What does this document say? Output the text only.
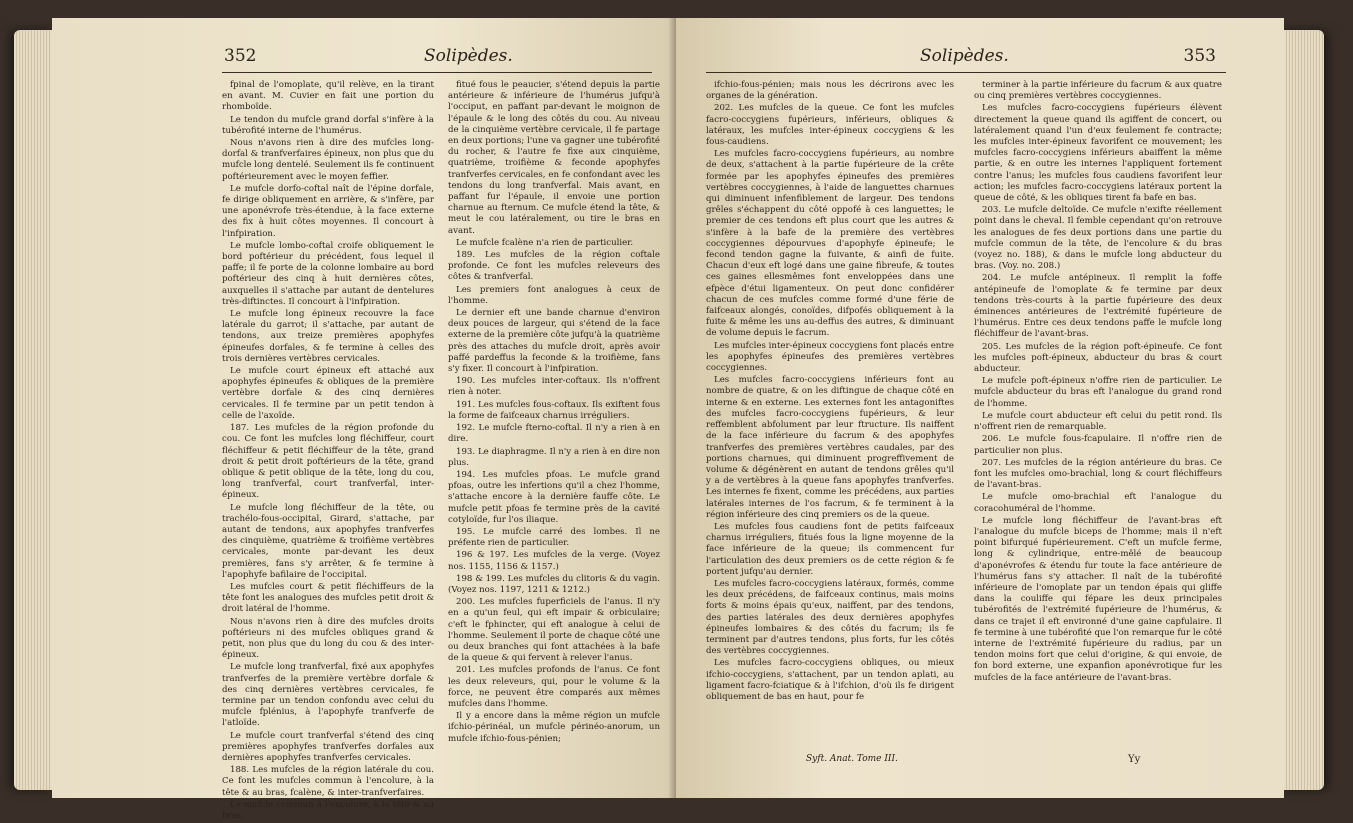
352	Solipèdes.

fpinal de l'omoplate, qu'il relève, en la tirant en avant. M. Cuvier en fait une portion du rhomboïde.

Le tendon du mufcle grand dorfal s'infère à la tubérofité interne de l'humérus.

Nous n'avons rien à dire des mufcles long-dorfal & tranfverfaires épineux, non plus que du mufcle long dentelé. Seulement ils fe continuent poftérieurement avec le moyen feffier.

Le mufcle dorfo-coftal naît de l'épine dorfale, fe dirige obliquement en arrière, & s'infère, par une aponévrofe très-étendue, à la face externe des fix à huit côtes moyennes. Il concourt à l'infpiration.

Le mufcle lombo-coftal croife obliquement le bord poftérieur du précédent, fous lequel il paffe; il fe porte de la colonne lombaire au bord poftérieur des cinq à huit dernières côtes, auxquelles il s'attache par autant de dentelures très-diftinctes. Il concourt à l'infpiration.

Le mufcle long épineux recouvre la face latérale du garrot; il s'attache, par autant de tendons, aux treize premières apophyfes épineufes dorfales, & fe termine à celles des trois dernières vertèbres cervicales.

Le mufcle court épineux eft attaché aux apophyfes épineufes & obliques de la première vertèbre dorfale & des cinq dernières cervicales. Il fe termine par un petit tendon à celle de l'axoïde.

187. Les mufcles de la région profonde du cou. Ce font les mufcles long fléchiffeur, court fléchiffeur & petit fléchiffeur de la tête, grand droit & petit droit poftérieurs de la tête, grand oblique & petit oblique de la tête, long du cou, long tranfverfal, court tranfverfal, inter-épineux.

Le mufcle long fléchiffeur de la tête, ou trachélo-fous-occipital, Girard, s'attache, par autant de tendons, aux apophyfes tranfverfes des cinquième, quatrième & troifième vertèbres cervicales, monte par-devant les deux premières, fans s'y arrêter, & fe termine à l'apophyfe bafilaire de l'occipital.

Les mufcles court & petit fléchiffeurs de la tête font les analogues des mufcles petit droit & droit latéral de l'homme.

Nous n'avons rien à dire des mufcles droits poftérieurs ni des mufcles obliques grand & petit, non plus que du long du cou & des inter-épineux.

Le mufcle long tranfverfal, fixé aux apophyfes tranfverfes de la première vertèbre dorfale & des cinq dernières vertèbres cervicales, fe termine par un tendon confondu avec celui du mufcle fplénius, à l'apophyfe tranfverfe de l'atloïde.

Le mufcle court tranfverfal s'étend des cinq premières apophyfes tranfverfes dorfales aux dernières apophyfes tranfverfes cervicales.

188. Les mufcles de la région latérale du cou. Ce font les mufcles commun à l'encolure, à la tête & au bras, fcalène, & inter-tranfverfaires.

Le mufcle commun à l'encolure, à la tête & au bras,

fitué fous le peaucier, s'étend depuis la partie antérieure & inférieure de l'humérus jufqu'à l'occiput, en paffant par-devant le moignon de l'épaule & le long des côtés du cou. Au niveau de la cinquième vertèbre cervicale, il fe partage en deux portions; l'une va gagner une tubérofité du rocher, & l'autre fe fixe aux cinquième, quatrième, troifième & feconde apophyfes tranfverfes cervicales, en fe confondant avec les tendons du long tranfverfal. Mais avant, en paffant fur l'épaule, il envoie une portion charnue au fternum. Ce mufcle étend la tête, & meut le cou latéralement, ou tire le bras en avant.

Le mufcle fcalène n'a rien de particulier.

189. Les mufcles de la région coftale profonde. Ce font les mufcles releveurs des côtes & tranfverfal.

Les premiers font analogues à ceux de l'homme.

Le dernier eft une bande charnue d'environ deux pouces de largeur, qui s'étend de la face externe de la première côte jufqu'à la quatrième près des attaches du mufcle droit, après avoir paffé pardeffus la feconde & la troifième, fans s'y fixer. Il concourt à l'infpiration.

190. Les mufcles inter-coftaux. Ils n'offrent rien à noter.

191. Les mufcles fous-coftaux. Ils exiftent fous la forme de faifceaux charnus irréguliers.

192. Le mufcle fterno-coftal. Il n'y a rien à en dire.

193. Le diaphragme. Il n'y a rien à en dire non plus.

194. Les mufcles pfoas. Le mufcle grand pfoas, outre les infertions qu'il a chez l'homme, s'attache encore à la dernière fauffe côte. Le mufcle petit pfoas fe termine près de la cavité cotyloïde, fur l'os iliaque.

195. Le mufcle carré des lombes. Il ne préfente rien de particulier.

196 & 197. Les mufcles de la verge. (Voyez nos. 1155, 1156 & 1157.)

198 & 199. Les mufcles du clitoris & du vagin. (Voyez nos. 1197, 1211 & 1212.)

200. Les mufcles fuperficiels de l'anus. Il n'y en a qu'un feul, qui eft impair & orbiculaire; c'eft le fphincter, qui eft analogue à celui de l'homme. Seulement il porte de chaque côté une ou deux branches qui font attachées à la bafe de la queue & qui fervent à relever l'anus.

201. Les mufcles profonds de l'anus. Ce font les deux releveurs, qui, pour le volume & la force, ne peuvent être comparés aux mêmes mufcles dans l'homme.

Il y a encore dans la même région un mufcle ifchio-périnéal, un mufcle périnéo-anorum, un mufcle ifchio-fous-pénien;

Solipèdes.	353

ifchio-fous-pénien; mais nous les décrirons avec les organes de la génération.

202. Les mufcles de la queue. Ce font les mufcles facro-coccygiens fupérieurs, inférieurs, obliques & latéraux, les mufcles inter-épineux coccygiens & les fous-caudiens.

Les mufcles facro-coccygiens fupérieurs, au nombre de deux, s'attachent à la partie fupérieure de la crête formée par les apophyfes épineufes des premières vertèbres coccygiennes, à l'aide de languettes charnues qui diminuent infenfiblement de largeur. Des tendons grêles s'échappent du côté oppofé à ces languettes; le premier de ces tendons eft plus court que les autres & s'infère à la bafe de la première des vertèbres coccygiennes dépourvues d'apophyfe épineufe; le fecond tendon gagne la fuivante, & ainfi de fuite. Chacun d'eux eft logé dans une gaine fibreufe, & toutes ces gaines ellesmêmes font enveloppées dans une efpèce d'étui ligamenteux. On peut donc confidérer chacun de ces mufcles comme formé d'une férie de faifceaux alongés, conoïdes, difpofés obliquement à la fuite & même les uns au-deffus des autres, & diminuant de volume depuis le facrum.

Les mufcles inter-épineux coccygiens font placés entre les apophyfes épineufes des premières vertèbres coccygiennes.

Les mufcles facro-coccygiens inférieurs font au nombre de quatre, & on les diftingue de chaque côté en interne & en externe. Les externes font les antagoniftes des mufcles facro-coccygiens fupérieurs, & leur reffemblent abfolument par leur ftructure. Ils naiffent de la face inférieure du facrum & des apophyfes tranfverfes des premières vertèbres caudales, par des portions charnues, qui diminuent progreffivement de volume & dégénèrent en autant de tendons grêles qu'il y a de vertèbres à la queue fans apophyfes tranfverfes. Les internes fe fixent, comme les précédens, aux parties latérales internes de l'os facrum, & fe terminent à la région inférieure des cinq premiers os de la queue.

Les mufcles fous caudiens font de petits faifceaux charnus irréguliers, fitués fous la ligne moyenne de la face inférieure de la queue; ils commencent fur l'articulation des deux premiers os de cette région & fe portent jufqu'au dernier.

Les mufcles facro-coccygiens latéraux, formés, comme les deux précédens, de faifceaux continus, mais moins forts & moins épais qu'eux, naiffent, par des tendons, des parties latérales des deux dernières apophyfes épineufes lombaires & des côtés du facrum; ils fe terminent par d'autres tendons, plus forts, fur les côtés des vertèbres coccygiennes.

Les mufcles facro-coccygiens obliques, ou mieux ifchio-coccygiens, s'attachent, par un tendon aplati, au ligament facro-fciatique & à l'ifchion, d'où ils fe dirigent obliquement de bas en haut, pour fe

terminer à la partie inférieure du facrum & aux quatre ou cinq premières vertèbres coccygiennes.

Les mufcles facro-coccygiens fupérieurs élèvent directement la queue quand ils agiffent de concert, ou latéralement quand l'un d'eux feulement fe contracte; les mufcles inter-épineux favorifent ce mouvement; les mufcles facro-coccygiens inférieurs abaiffent la même partie, & en outre les internes l'appliquent fortement contre l'anus; les mufcles fous caudiens favorifent leur action; les mufcles facro-coccygiens latéraux portent la queue de côté, & les obliques tirent fa bafe en bas.

203. Le mufcle deltoïde. Ce mufcle n'exifte réellement point dans le cheval. Il femble cependant qu'on retrouve les analogues de fes deux portions dans une partie du mufcle commun de la tête, de l'encolure & du bras (voyez no. 188), & dans le mufcle long abducteur du bras. (Voy. no. 208.)

204. Le mufcle antépineux. Il remplit la foffe antépineufe de l'omoplate & fe termine par deux tendons très-courts à la partie fupérieure des deux éminences antérieures de l'extrémité fupérieure de l'humérus. Entre ces deux tendons paffe le mufcle long fléchiffeur de l'avant-bras.

205. Les mufcles de la région poft-épineufe. Ce font les mufcles poft-épineux, abducteur du bras & court abducteur.

Le mufcle poft-épineux n'offre rien de particulier. Le mufcle abducteur du bras eft l'analogue du grand rond de l'homme.

Le mufcle court abducteur eft celui du petit rond. Ils n'offrent rien de remarquable.

206. Le mufcle fous-fcapulaire. Il n'offre rien de particulier non plus.

207. Les mufcles de la région antérieure du bras. Ce font les mufcles omo-brachial, long & court fléchiffeurs de l'avant-bras.

Le mufcle omo-brachial eft l'analogue du coracohuméral de l'homme.

Le mufcle long fléchiffeur de l'avant-bras eft l'analogue du mufcle biceps de l'homme; mais il n'eft point bifurqué fupérieurement. C'eft un mufcle ferme, long & cylindrique, entre-mêlé de beaucoup d'aponévrofes & étendu fur toute la face antérieure de l'humérus fans s'y attacher. Il naît de la tubérofité inférieure de l'omoplate par un tendon épais qui gliffe dans la couliffe qui fépare les deux principales tubérofités de l'extrémité fupérieure de l'humérus, & dans ce trajet il eft environné d'une gaine capfulaire. Il fe termine à une tubérofité que l'on remarque fur le côté interne de l'extrémité fupérieure du radius, par un tendon moins fort que celui d'origine, & qui envoie, de fon bord externe, une expanfion aponévrotique fur les mufcles de la face antérieure de l'avant-bras.

Syft. Anat. Tome III.	Yy
